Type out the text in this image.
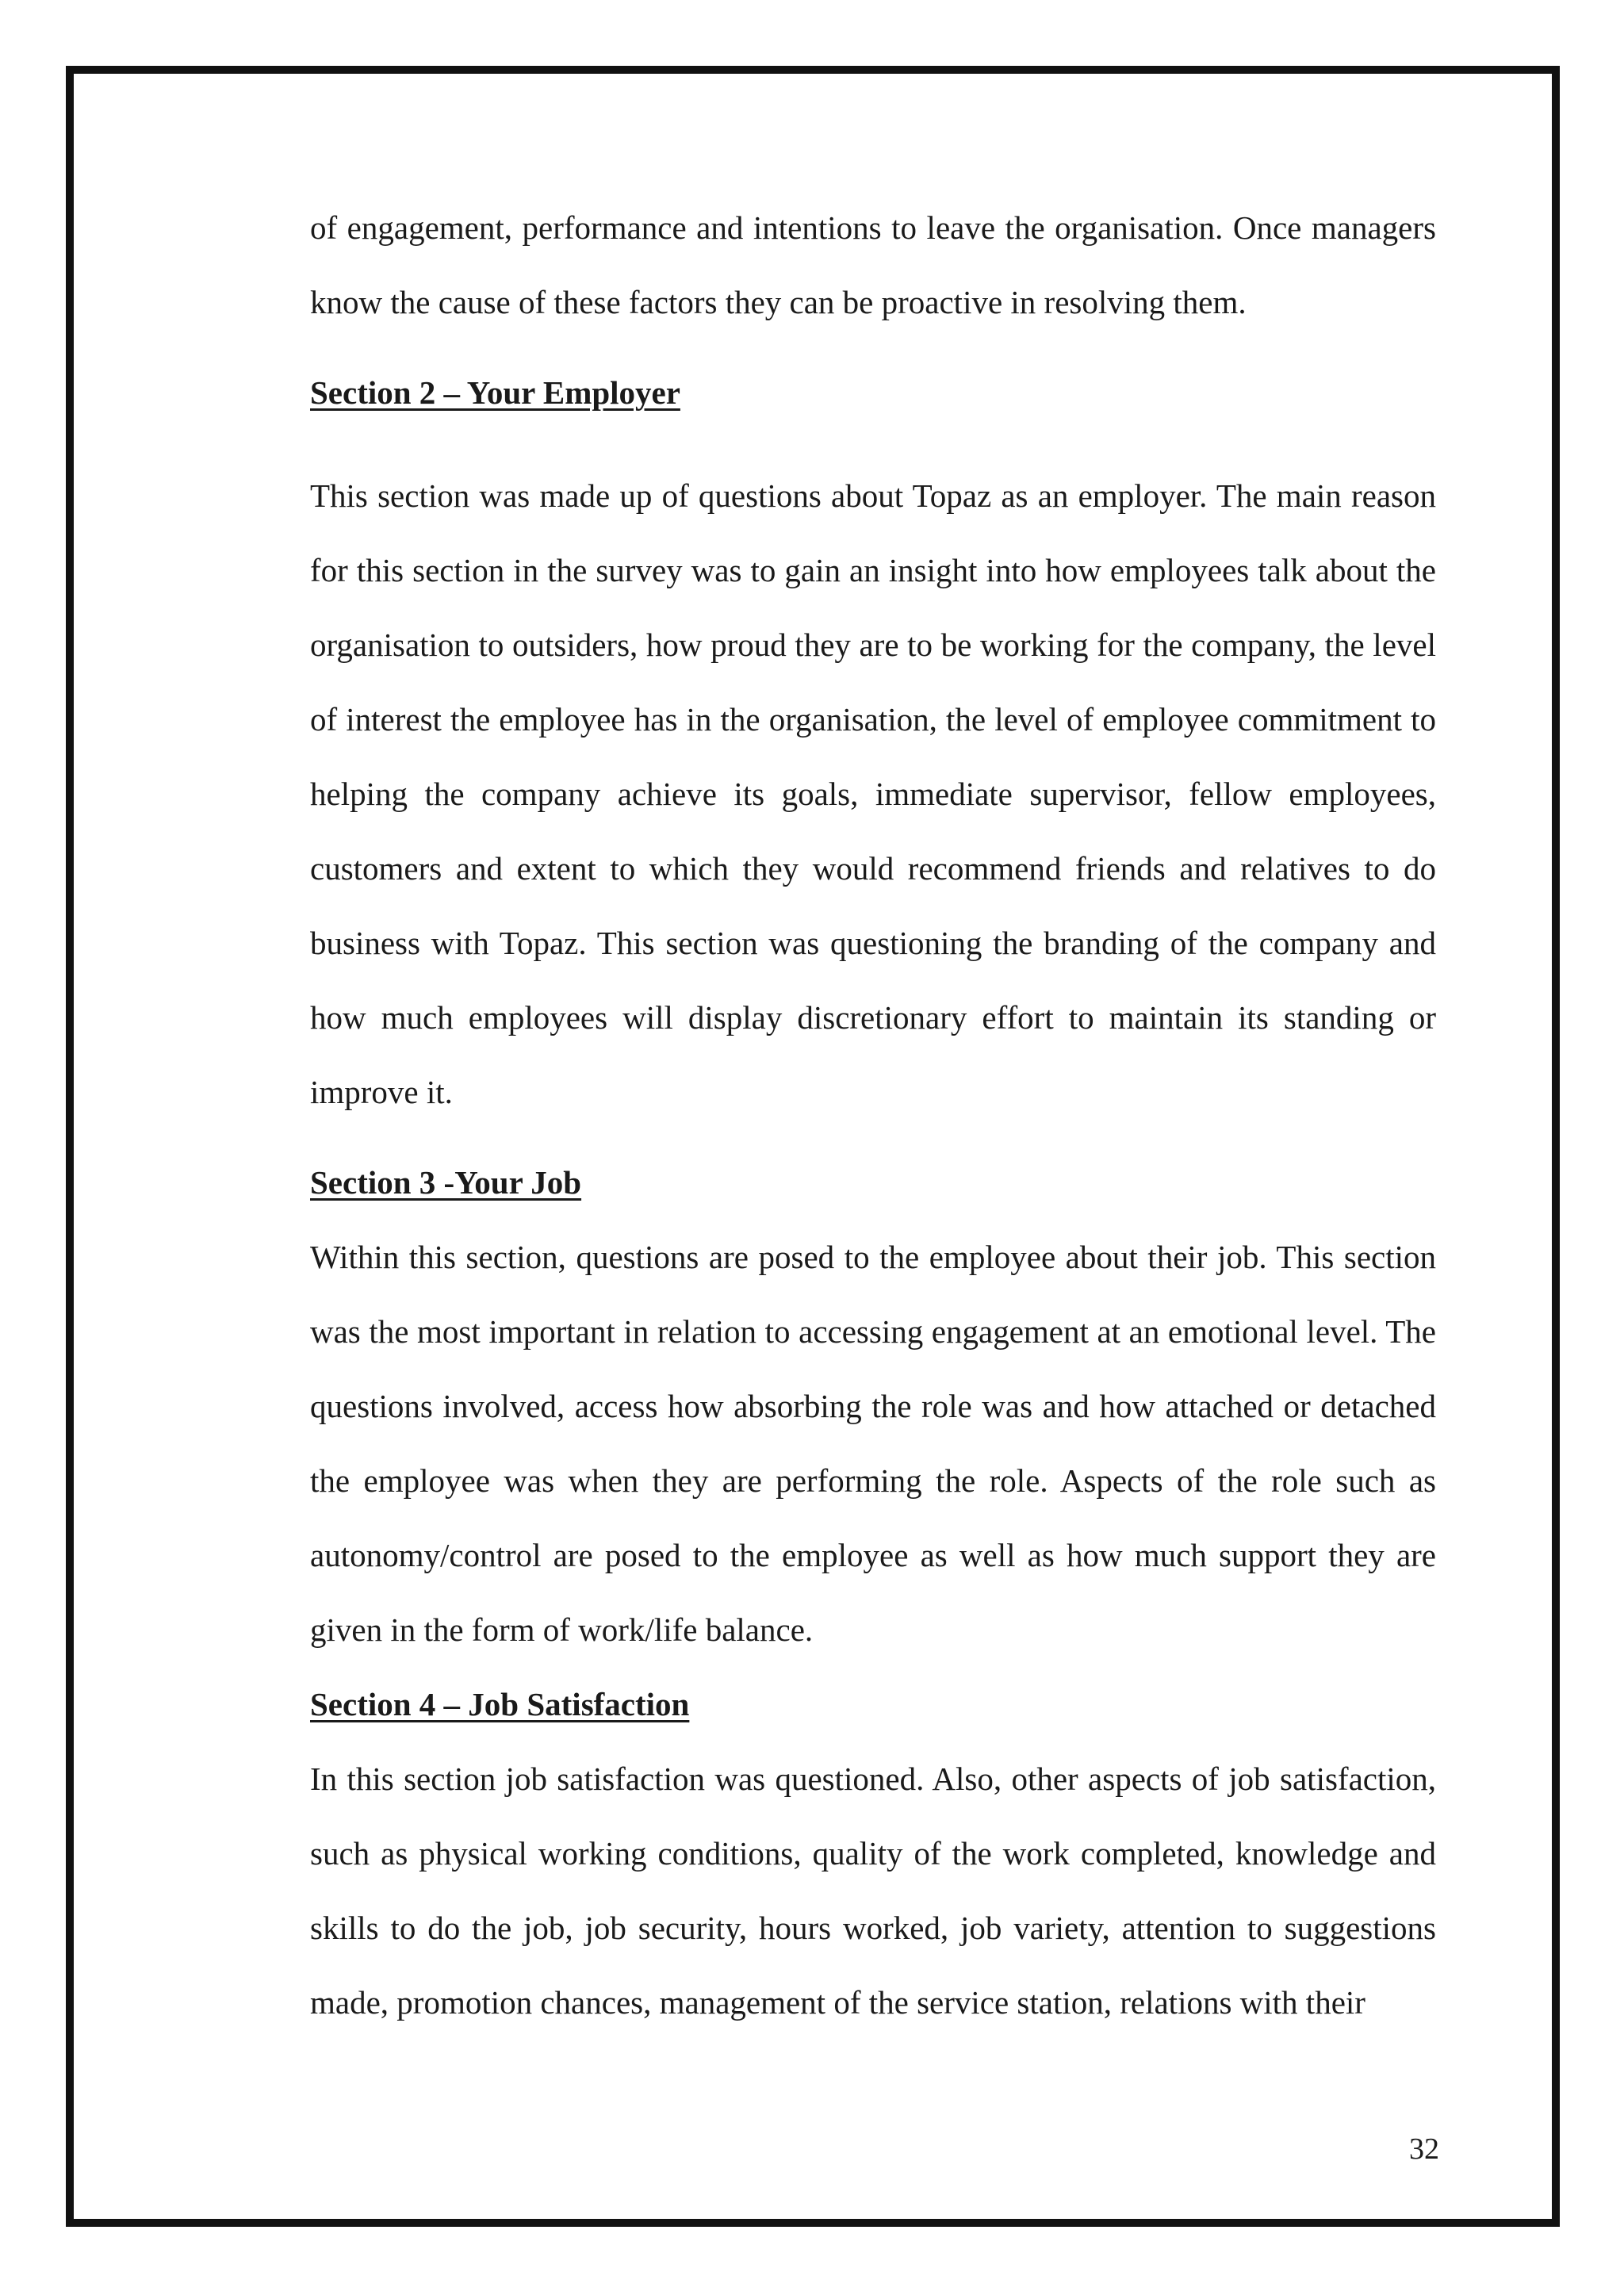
of engagement, performance and intentions to leave the organisation. Once managers know the cause of these factors they can be proactive in resolving them.

Section 2 – Your Employer

This section was made up of questions about Topaz as an employer. The main reason for this section in the survey was to gain an insight into how employees talk about the organisation to outsiders, how proud they are to be working for the company, the level of interest the employee has in the organisation, the level of employee commitment to helping the company achieve its goals, immediate supervisor, fellow employees, customers and extent to which they would recommend friends and relatives to do business with Topaz. This section was questioning the branding of the company and how much employees will display discretionary effort to maintain its standing or improve it.

Section 3 -Your Job

Within this section, questions are posed to the employee about their job. This section was the most important in relation to accessing engagement at an emotional level. The questions involved, access how absorbing the role was and how attached or detached the employee was when they are performing the role. Aspects of the role such as autonomy/control are posed to the employee as well as how much support they are given in the form of work/life balance.

Section 4 – Job Satisfaction

In this section job satisfaction was questioned. Also, other aspects of job satisfaction, such as physical working conditions, quality of the work completed, knowledge and skills to do the job, job security, hours worked, job variety, attention to suggestions made, promotion chances, management of the service station, relations with their

32
